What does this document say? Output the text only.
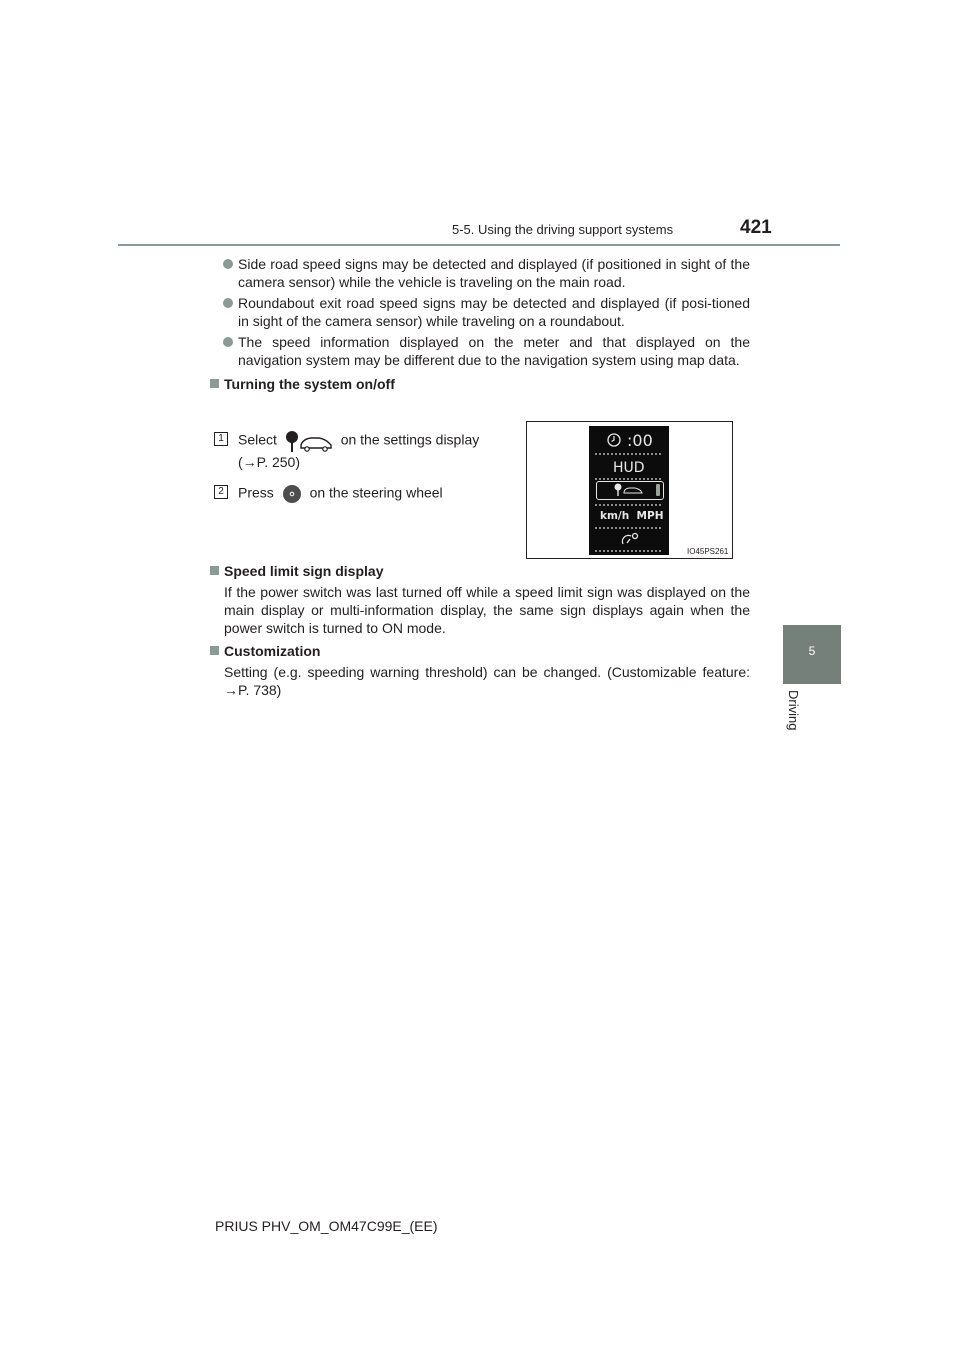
5-5. Using the driving support systems	421
5
Driving
Side road speed signs may be detected and displayed (if positioned in sight of the camera sensor) while the vehicle is traveling on the main road.
Roundabout exit road speed signs may be detected and displayed (if posi-tioned in sight of the camera sensor) while traveling on a roundabout.
The speed information displayed on the meter and that displayed on the navigation system may be different due to the navigation system using map data.
Turning the system on/off
1	Select	on the settings display
(→P. 250)
2	Press	on the steering wheel
:00
HUD
km/h  MPH
IO45PS261
Speed limit sign display
If the power switch was last turned off while a speed limit sign was displayed on the main display or multi-information display, the same sign displays again when the power switch is turned to ON mode.
Customization
Setting (e.g. speeding warning threshold) can be changed. (Customizable feature: →P. 738)
PRIUS PHV_OM_OM47C99E_(EE)
